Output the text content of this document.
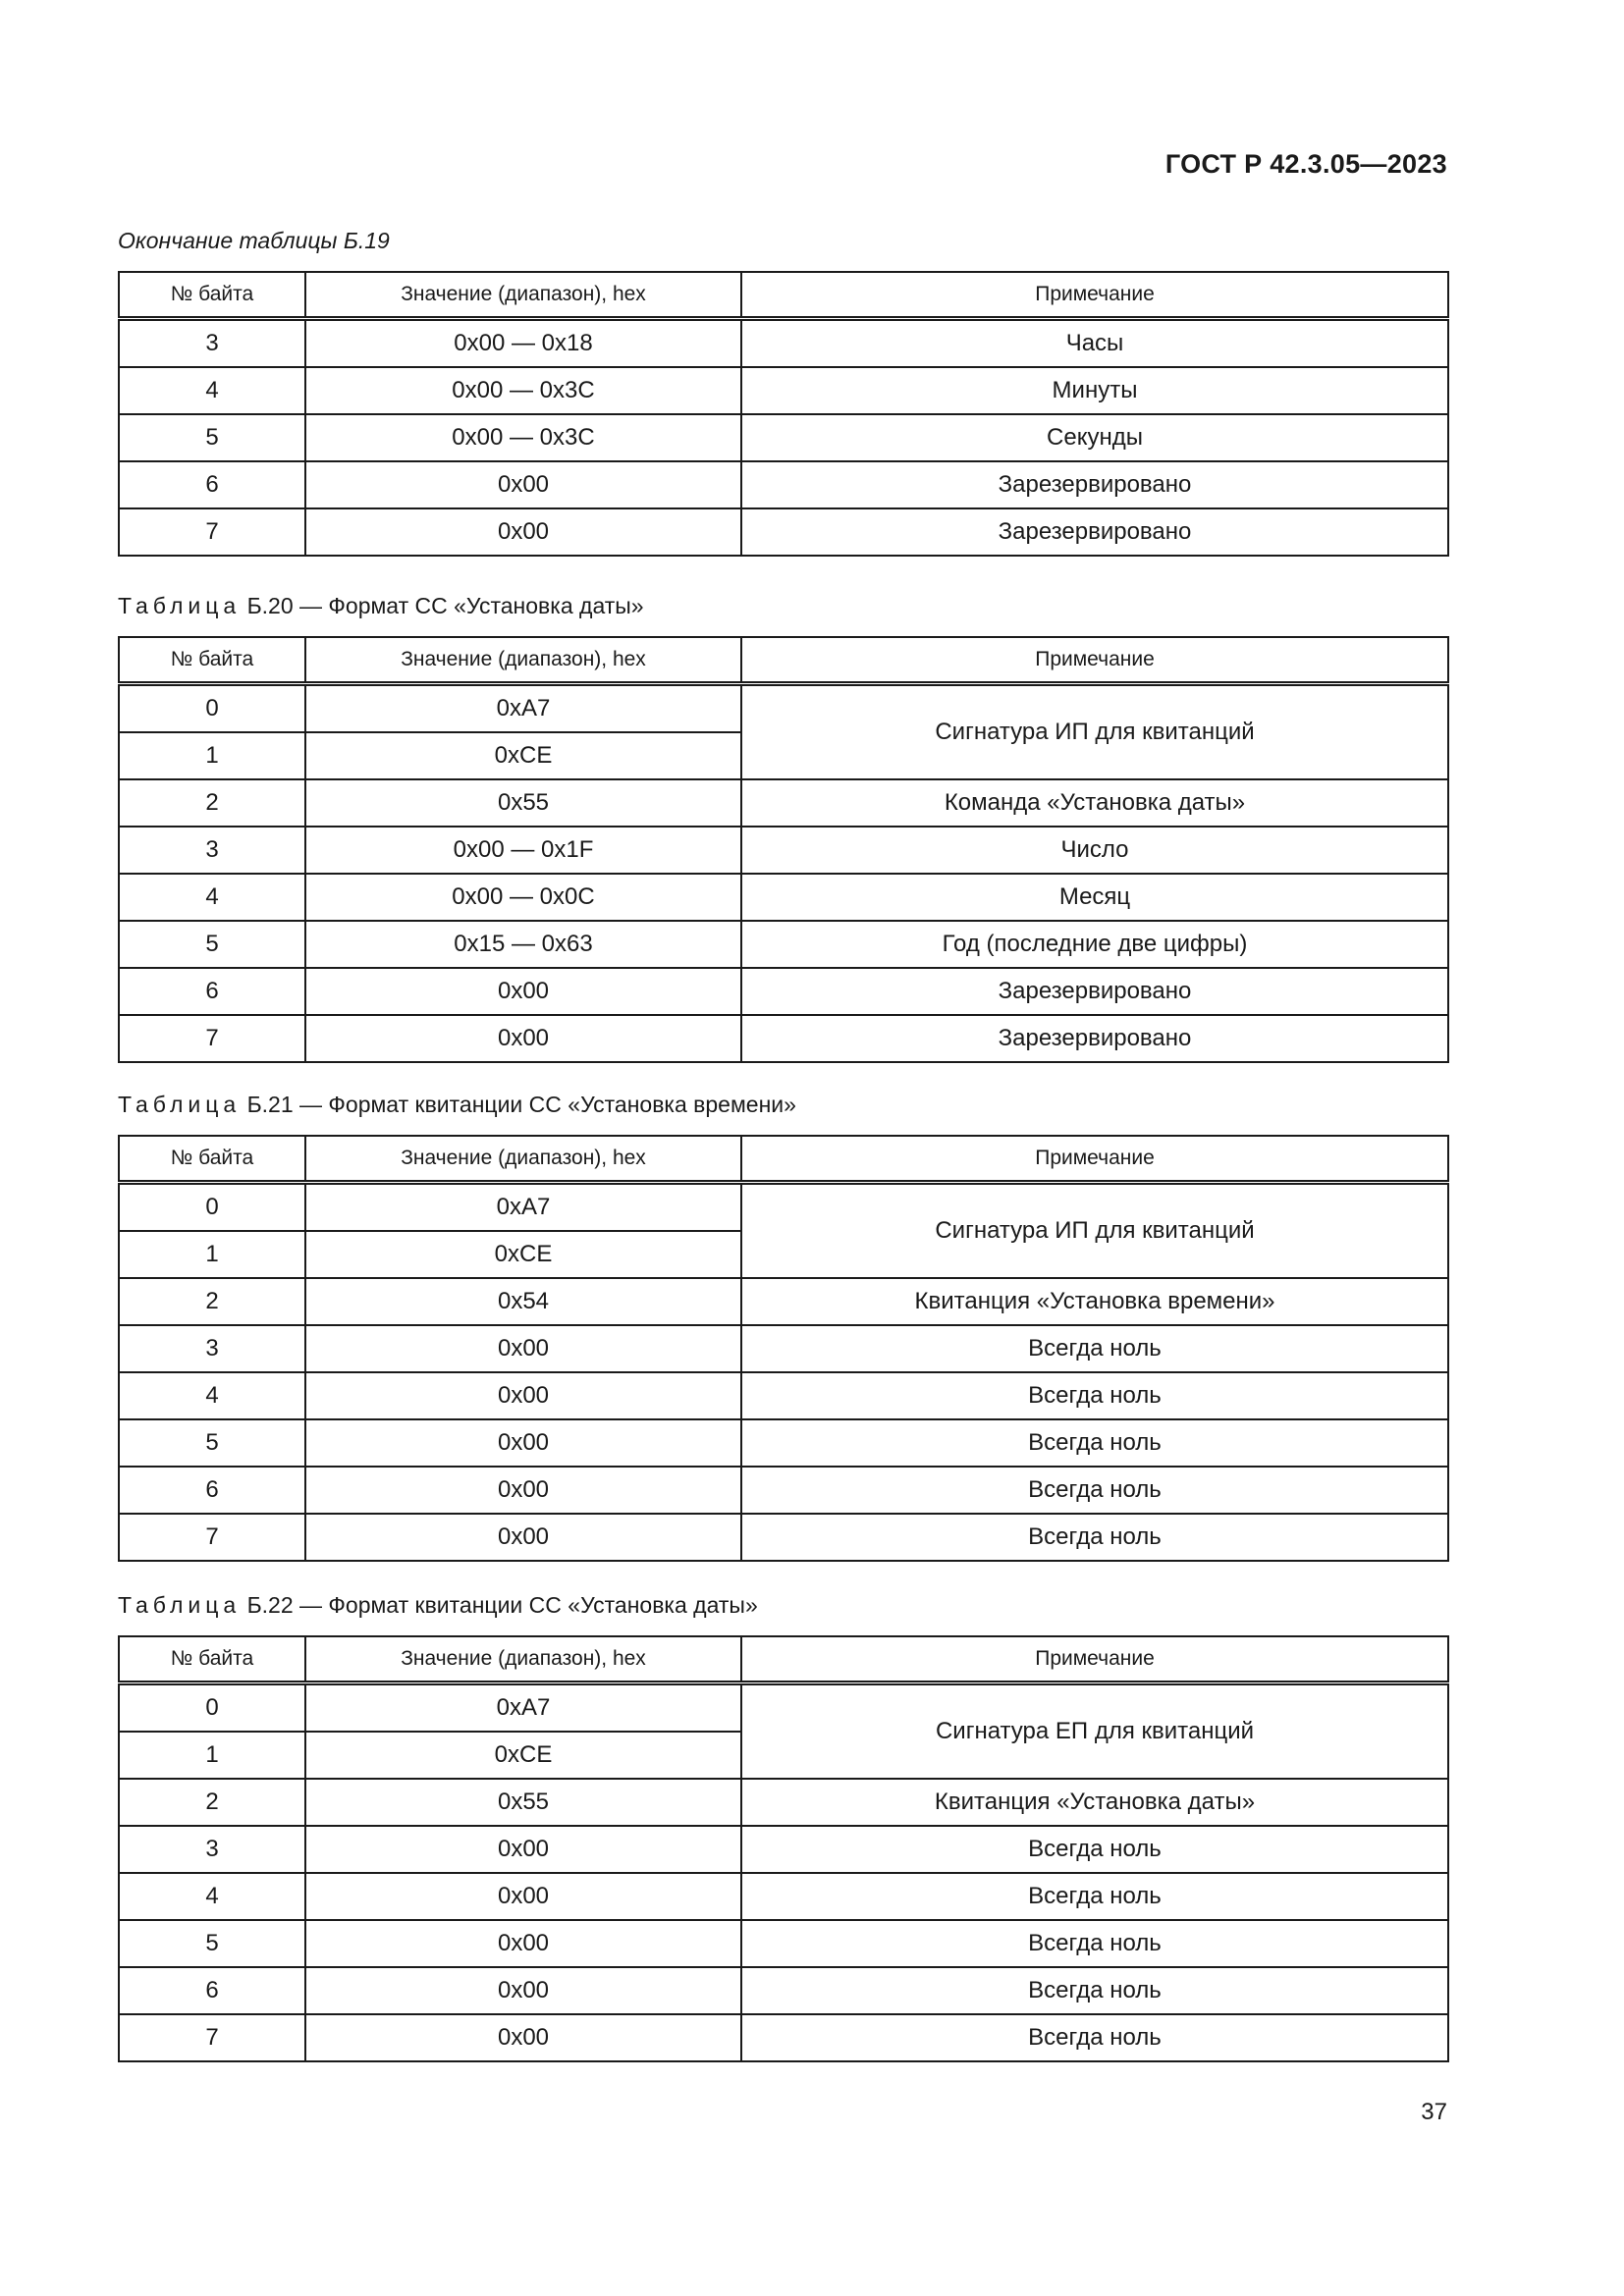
ГОСТ Р 42.3.05—2023
Окончание таблицы Б.19
№ байта	Значение (диапазон), hex	Примечание
3	0x00 — 0x18	Часы
4	0x00 — 0x3C	Минуты
5	0x00 — 0x3C	Секунды
6	0x00	Зарезервировано
7	0x00	Зарезервировано
Таблица Б.20 — Формат СС «Установка даты»
№ байта	Значение (диапазон), hex	Примечание
0	0xA7	Сигнатура ИП для квитанций
1	0xCE	
2	0x55	Команда «Установка даты»
3	0x00 — 0x1F	Число
4	0x00 — 0x0C	Месяц
5	0x15 — 0x63	Год (последние две цифры)
6	0x00	Зарезервировано
7	0x00	Зарезервировано
Таблица Б.21 — Формат квитанции СС «Установка времени»
№ байта	Значение (диапазон), hex	Примечание
0	0xA7	Сигнатура ИП для квитанций
1	0xCE	
2	0x54	Квитанция «Установка времени»
3	0x00	Всегда ноль
4	0x00	Всегда ноль
5	0x00	Всегда ноль
6	0x00	Всегда ноль
7	0x00	Всегда ноль
Таблица Б.22 — Формат квитанции СС «Установка даты»
№ байта	Значение (диапазон), hex	Примечание
0	0xA7	Сигнатура ЕП для квитанций
1	0xCE	
2	0x55	Квитанция «Установка даты»
3	0x00	Всегда ноль
4	0x00	Всегда ноль
5	0x00	Всегда ноль
6	0x00	Всегда ноль
7	0x00	Всегда ноль
37
